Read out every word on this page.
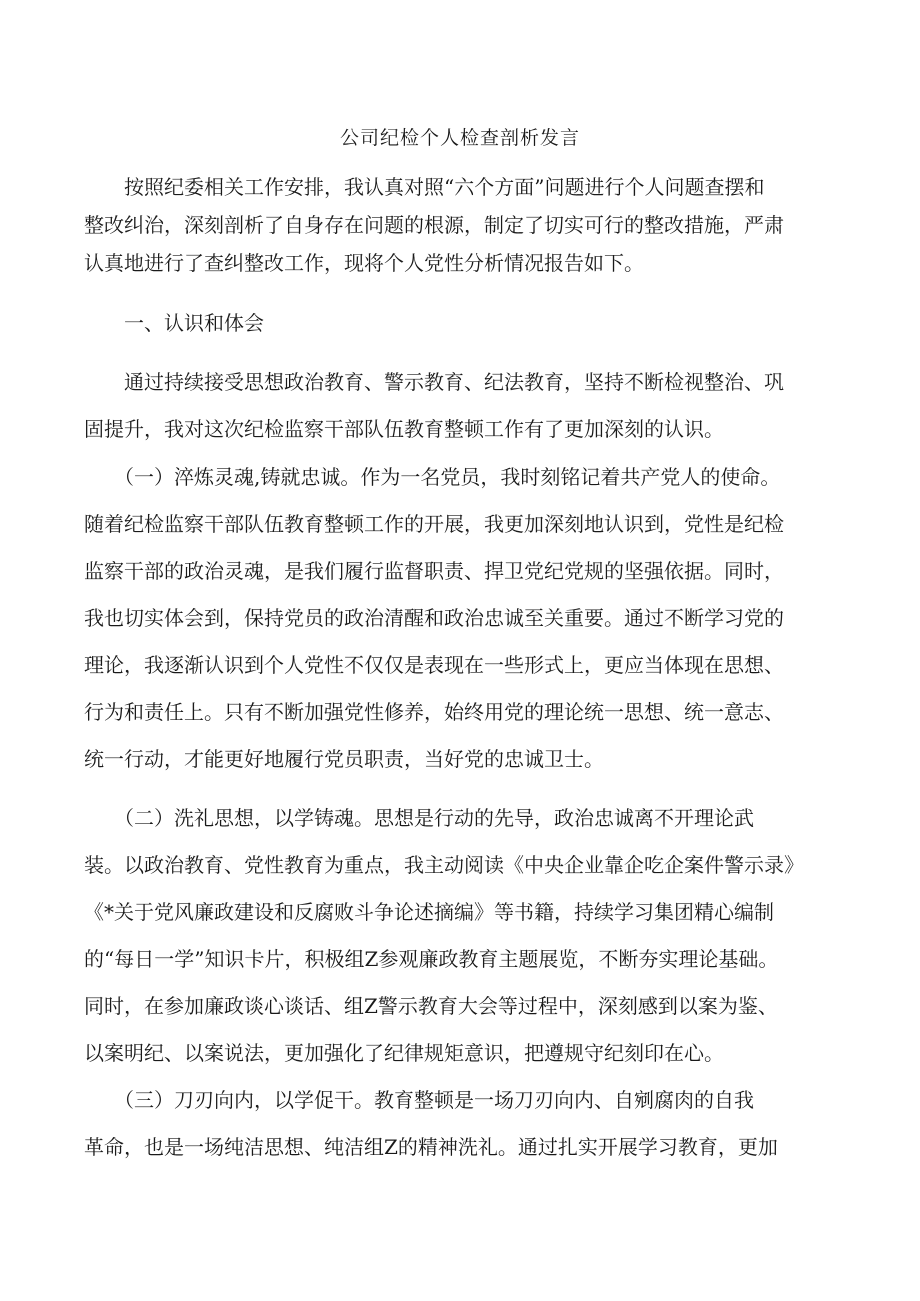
公司纪检个人检查剖析发言
　　按照纪委相关工作安排，我认真对照“六个方面”问题进行个人问题查摆和
整改纠治，深刻剖析了自身存在问题的根源，制定了切实可行的整改措施，严肃
认真地进行了查纠整改工作，现将个人党性分析情况报告如下。
　　一、认识和体会
　　通过持续接受思想政治教育、警示教育、纪法教育，坚持不断检视整治、巩
固提升，我对这次纪检监察干部队伍教育整顿工作有了更加深刻的认识。
　　（一）淬炼灵魂,铸就忠诚。作为一名党员，我时刻铭记着共产党人的使命。
随着纪检监察干部队伍教育整顿工作的开展，我更加深刻地认识到，党性是纪检
监察干部的政治灵魂，是我们履行监督职责、捍卫党纪党规的坚强依据。同时，
我也切实体会到，保持党员的政治清醒和政治忠诚至关重要。通过不断学习党的
理论，我逐渐认识到个人党性不仅仅是表现在一些形式上，更应当体现在思想、
行为和责任上。只有不断加强党性修养，始终用党的理论统一思想、统一意志、
统一行动，才能更好地履行党员职责，当好党的忠诚卫士。
　　（二）洗礼思想，以学铸魂。思想是行动的先导，政治忠诚离不开理论武
装。以政治教育、党性教育为重点，我主动阅读《中央企业靠企吃企案件警示录》
《*关于党风廉政建设和反腐败斗争论述摘编》等书籍，持续学习集团精心编制
的“每日一学”知识卡片，积极组Z参观廉政教育主题展览，不断夯实理论基础。
同时，在参加廉政谈心谈话、组Z警示教育大会等过程中，深刻感到以案为鉴、
以案明纪、以案说法，更加强化了纪律规矩意识，把遵规守纪刻印在心。
　　（三）刀刃向内，以学促干。教育整顿是一场刀刃向内、自剜腐肉的自我
革命，也是一场纯洁思想、纯洁组Z的精神洗礼。通过扎实开展学习教育，更加
